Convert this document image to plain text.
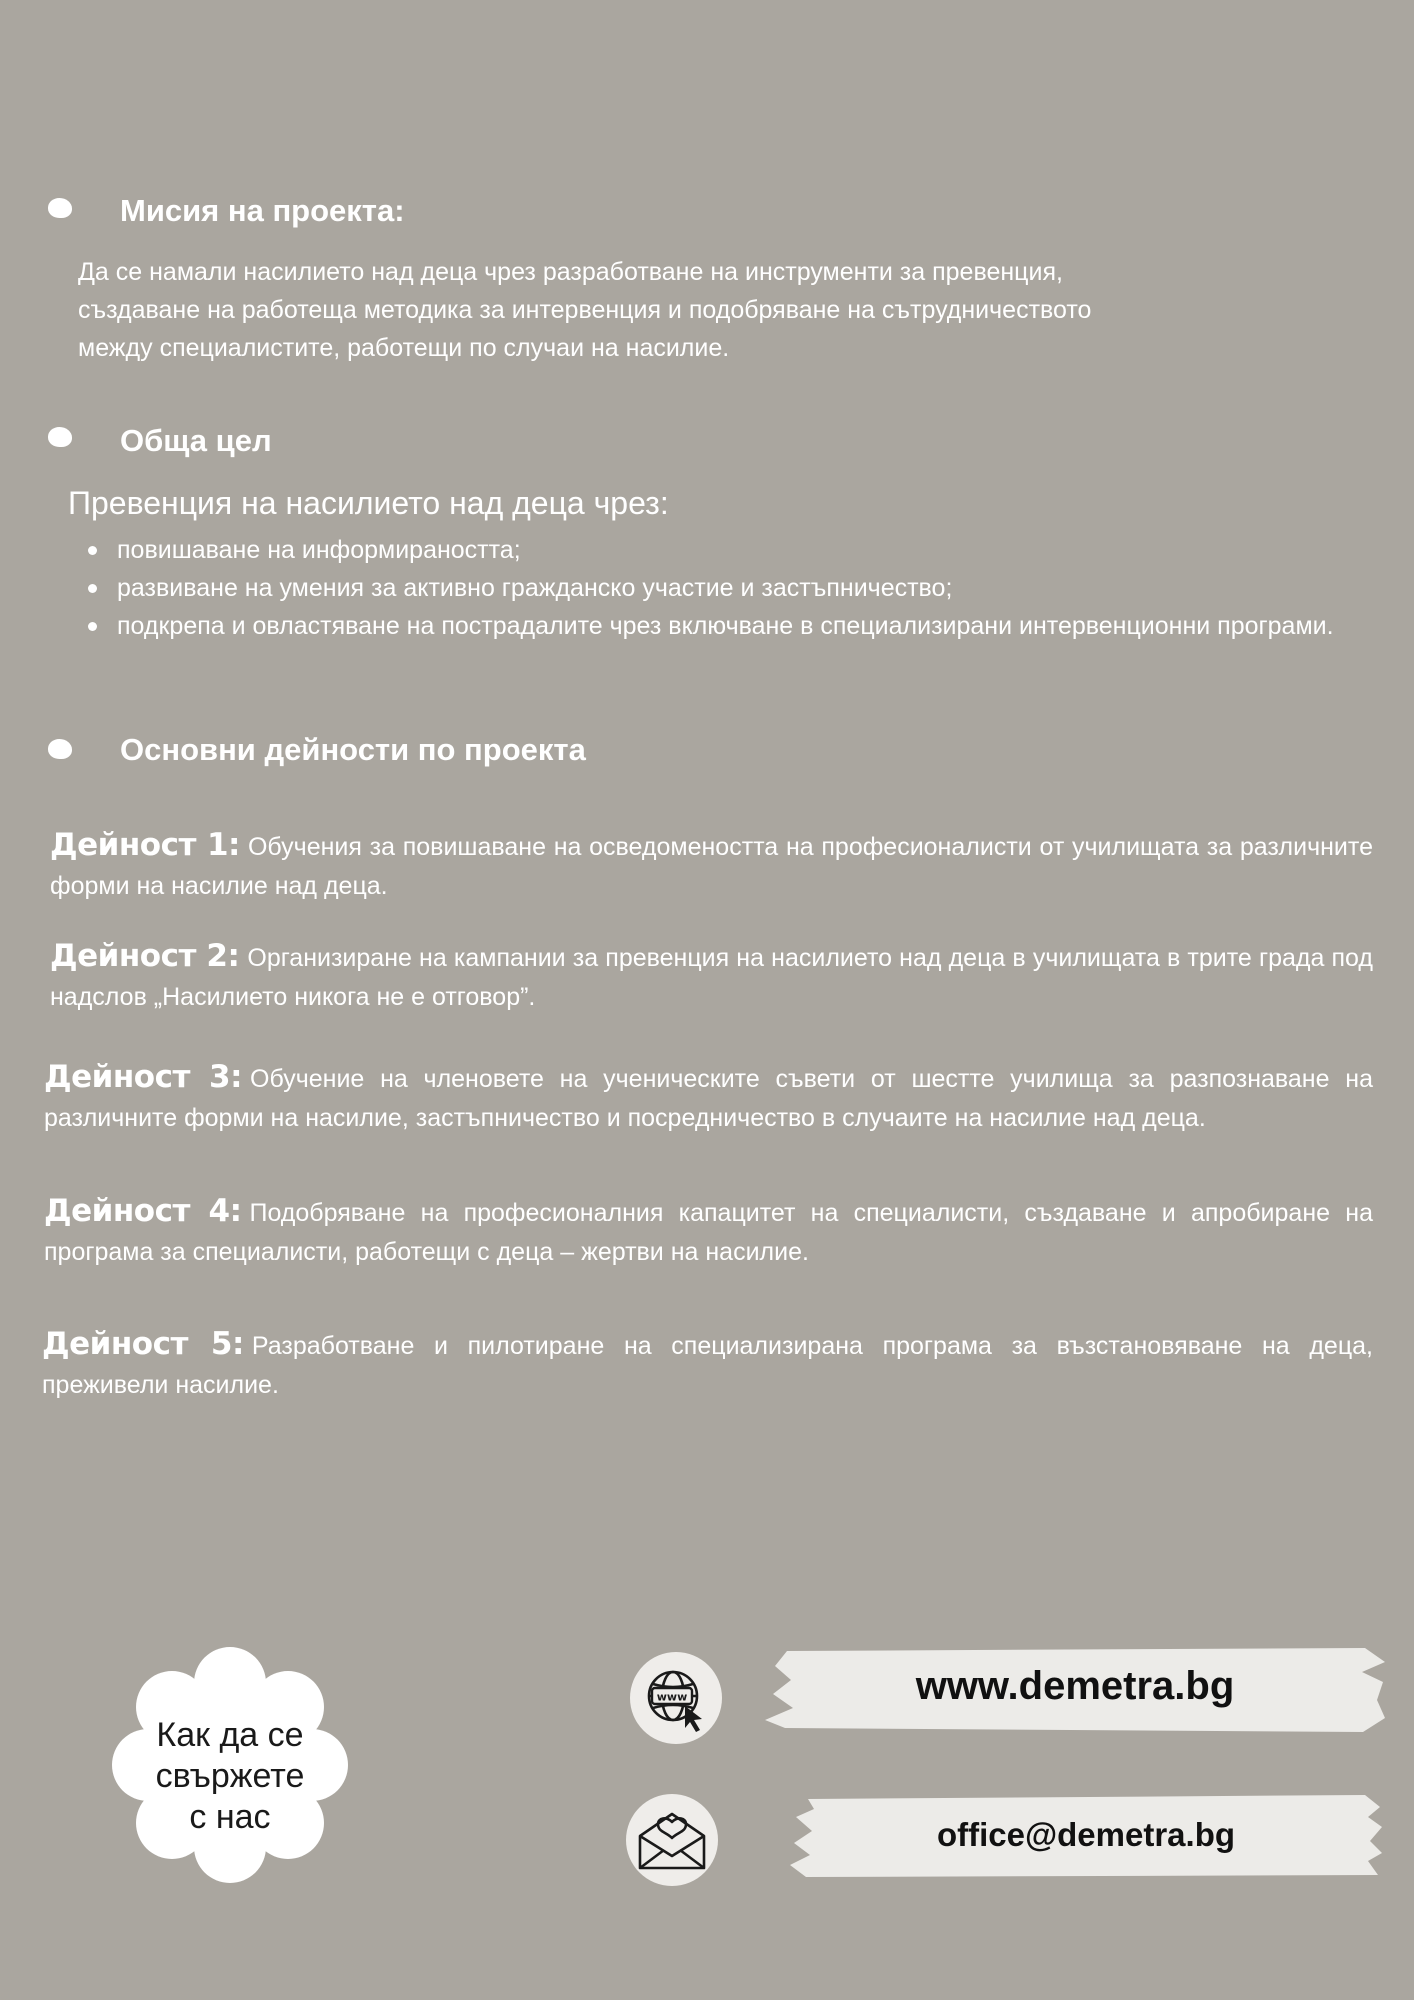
Мисия на проекта:
Да се намали насилието над деца чрез разработване на инструменти за превенция,
създаване на работеща методика за интервенция и подобряване на сътрудничеството
между специалистите, работещи по случаи на насилие.
Обща цел
Превенция на насилието над деца чрез:
повишаване на информираността;
развиване на умения за активно гражданско участие и застъпничество;
подкрепа и овластяване на пострадалите чрез включване в специализирани интервенционни програми.
Основни дейности по проекта
Дейност 1: Обучения за повишаване на осведомеността на професионалисти от училищата за различните форми на насилие над деца.
Дейност 2: Организиране на кампании за превенция на насилието над деца в училищата в трите града под надслов „Насилието никога не е отговор”.
Дейност 3: Обучение на членовете на ученическите съвети от шестте училища за разпознаване на различните форми на насилие, застъпничество и посредничество в случаите на насилие над деца.
Дейност 4: Подобряване на професионалния капацитет на специалисти, създаване и апробиране на програма за специалисти, работещи с деца – жертви на насилие.
Дейност 5: Разработване и пилотиране на специализирана програма за възстановяване на деца, преживели насилие.
Как да се
свържете
с нас
www	www.demetra.bg
office@demetra.bg
